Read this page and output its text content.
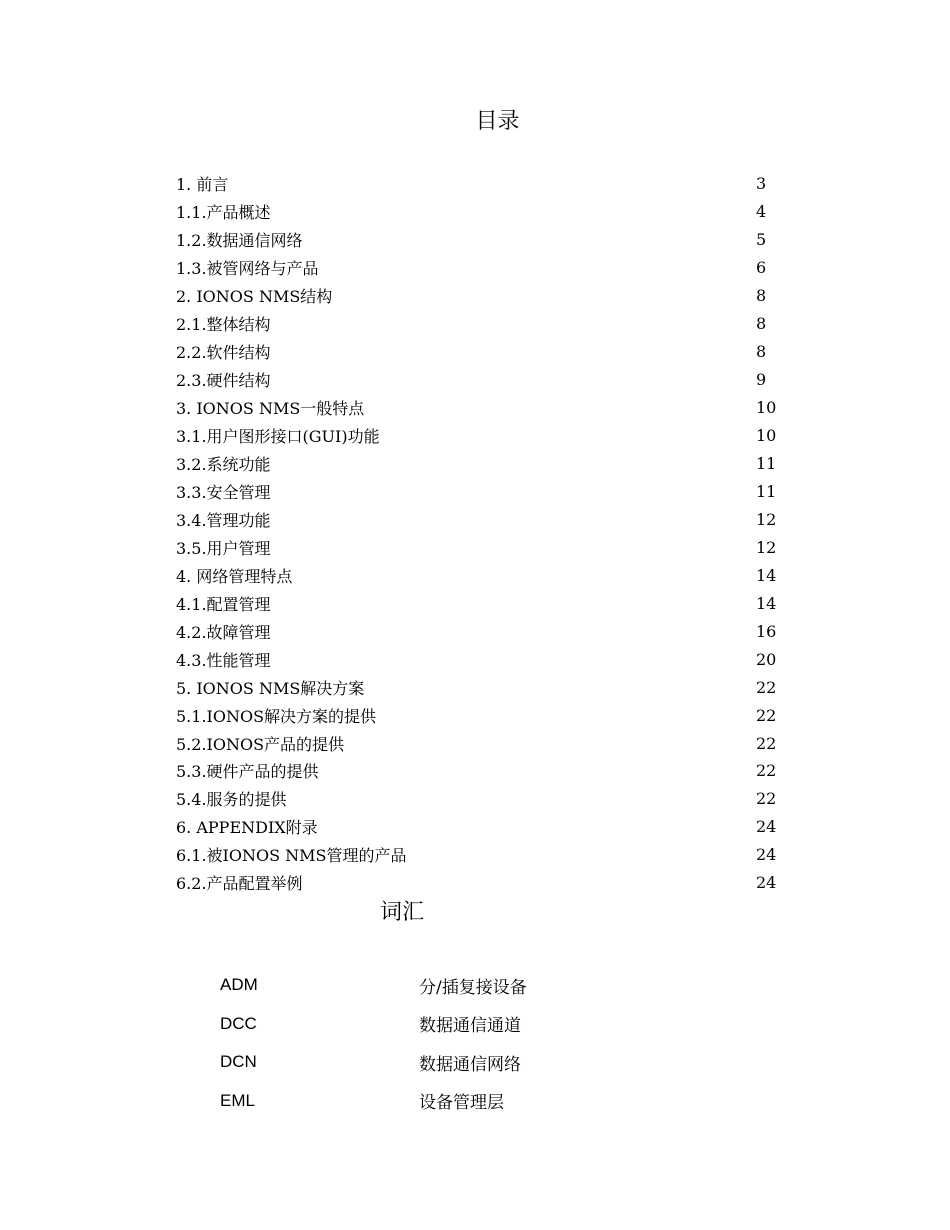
目录
1. 前言	3
1.1.产品概述	4
1.2.数据通信网络	5
1.3.被管网络与产品	6
2. IONOS NMS结构	8
2.1.整体结构	8
2.2.软件结构	8
2.3.硬件结构	9
3. IONOS NMS一般特点	10
3.1.用户图形接口(GUI)功能	10
3.2.系统功能	11
3.3.安全管理	11
3.4.管理功能	12
3.5.用户管理	12
4. 网络管理特点	14
4.1.配置管理	14
4.2.故障管理	16
4.3.性能管理	20
5. IONOS NMS解决方案	22
5.1.IONOS解决方案的提供	22
5.2.IONOS产品的提供	22
5.3.硬件产品的提供	22
5.4.服务的提供	22
6. APPENDIX附录	24
6.1.被IONOS NMS管理的产品	24
6.2.产品配置举例	24
词汇
ADM	分/插复接设备
DCC	数据通信通道
DCN	数据通信网络
EML	设备管理层
